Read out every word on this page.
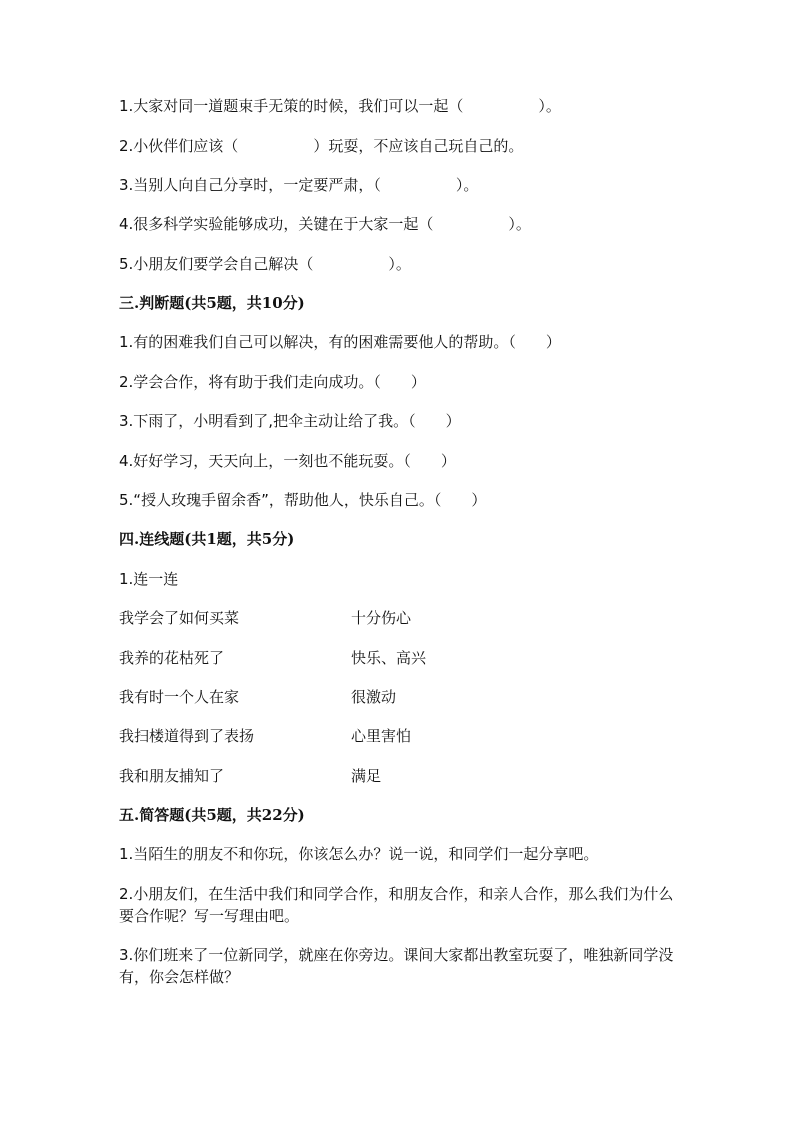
1.大家对同一道题束手无策的时候，我们可以一起（　　　　　）。
2.小伙伴们应该（　　　　　）玩耍，不应该自己玩自己的。
3.当别人向自己分享时，一定要严肃，（　　　　　）。
4.很多科学实验能够成功，关键在于大家一起（　　　　　）。
5.小朋友们要学会自己解决（　　　　　）。
三.判断题(共5题，共10分)
1.有的困难我们自己可以解决，有的困难需要他人的帮助。（　　）
2.学会合作，将有助于我们走向成功。（　　）
3.下雨了，小明看到了,把伞主动让给了我。（　　）
4.好好学习，天天向上，一刻也不能玩耍。（　　）
5.“授人玫瑰手留余香”，帮助他人，快乐自己。（　　）
四.连线题(共1题，共5分)
1.连一连
我学会了如何买菜	十分伤心
我养的花枯死了	快乐、高兴
我有时一个人在家	很激动
我扫楼道得到了表扬	心里害怕
我和朋友捕知了	满足
五.简答题(共5题，共22分)
1.当陌生的朋友不和你玩，你该怎么办？说一说，和同学们一起分享吧。
2.小朋友们，在生活中我们和同学合作，和朋友合作，和亲人合作，那么我们为什么要合作呢？写一写理由吧。
3.你们班来了一位新同学，就座在你旁边。课间大家都出教室玩耍了，唯独新同学没有，你会怎样做？
